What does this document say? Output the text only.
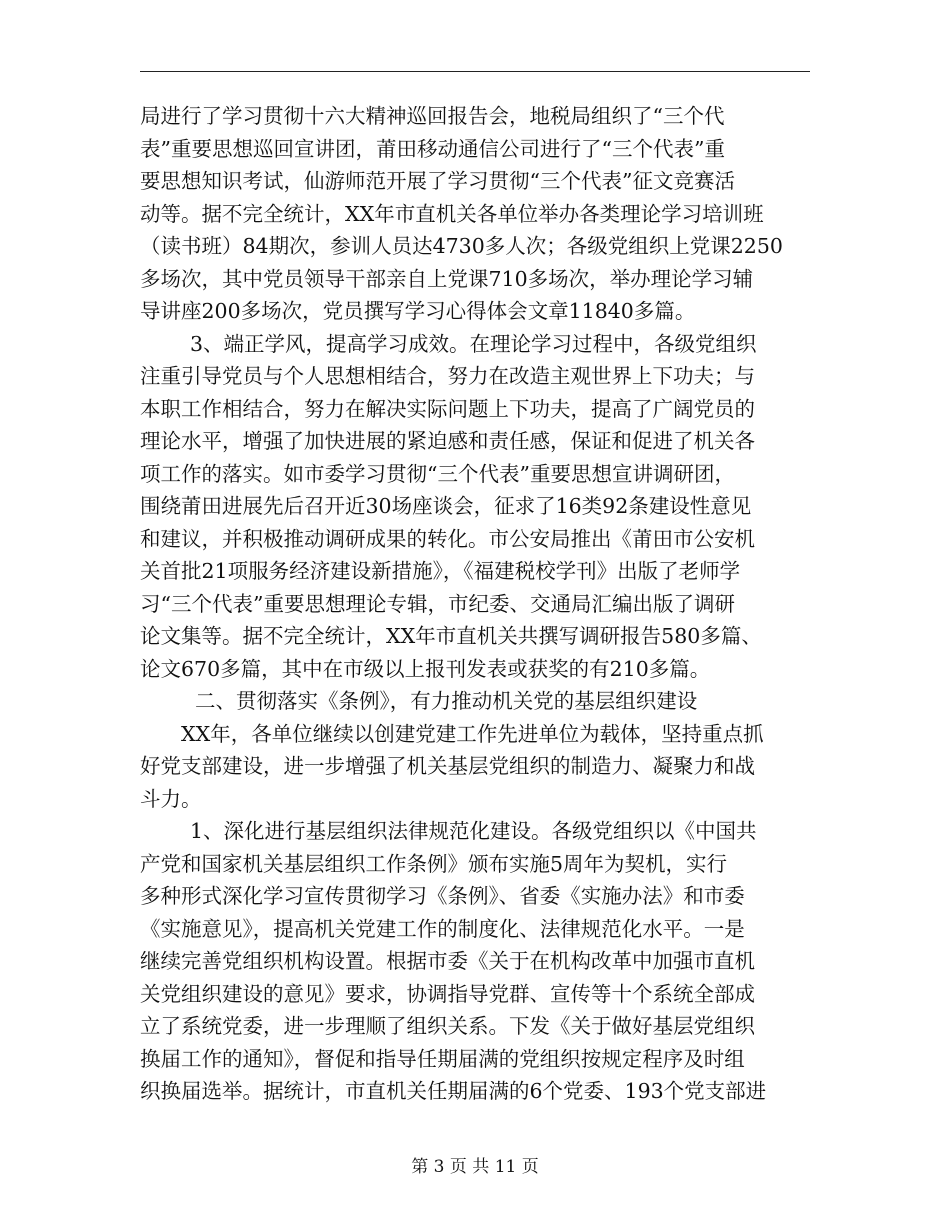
局进行了学习贯彻十六大精神巡回报告会，地税局组织了“三个代
表”重要思想巡回宣讲团，莆田移动通信公司进行了“三个代表”重
要思想知识考试，仙游师范开展了学习贯彻“三个代表”征文竞赛活
动等。据不完全统计，XX年市直机关各单位举办各类理论学习培训班
（读书班）84期次，参训人员达4730多人次；各级党组织上党课2250
多场次，其中党员领导干部亲自上党课710多场次，举办理论学习辅
导讲座200多场次，党员撰写学习心得体会文章11840多篇。
3、端正学风，提高学习成效。在理论学习过程中，各级党组织
注重引导党员与个人思想相结合，努力在改造主观世界上下功夫；与
本职工作相结合，努力在解决实际问题上下功夫，提高了广阔党员的
理论水平，增强了加快进展的紧迫感和责任感，保证和促进了机关各
项工作的落实。如市委学习贯彻“三个代表”重要思想宣讲调研团，
围绕莆田进展先后召开近30场座谈会，征求了16类92条建设性意见
和建议，并积极推动调研成果的转化。市公安局推出《莆田市公安机
关首批21项服务经济建设新措施》，《福建税校学刊》出版了老师学
习“三个代表”重要思想理论专辑，市纪委、交通局汇编出版了调研
论文集等。据不完全统计，XX年市直机关共撰写调研报告580多篇、
论文670多篇，其中在市级以上报刊发表或获奖的有210多篇。
二、贯彻落实《条例》，有力推动机关党的基层组织建设
XX年，各单位继续以创建党建工作先进单位为载体，坚持重点抓
好党支部建设，进一步增强了机关基层党组织的制造力、凝聚力和战
斗力。
1、深化进行基层组织法律规范化建设。各级党组织以《中国共
产党和国家机关基层组织工作条例》颁布实施5周年为契机，实行
多种形式深化学习宣传贯彻学习《条例》、省委《实施办法》和市委
《实施意见》，提高机关党建工作的制度化、法律规范化水平。一是
继续完善党组织机构设置。根据市委《关于在机构改革中加强市直机
关党组织建设的意见》要求，协调指导党群、宣传等十个系统全部成
立了系统党委，进一步理顺了组织关系。下发《关于做好基层党组织
换届工作的通知》，督促和指导任期届满的党组织按规定程序及时组
织换届选举。据统计，市直机关任期届满的6个党委、193个党支部进
第 3 页 共 11 页
